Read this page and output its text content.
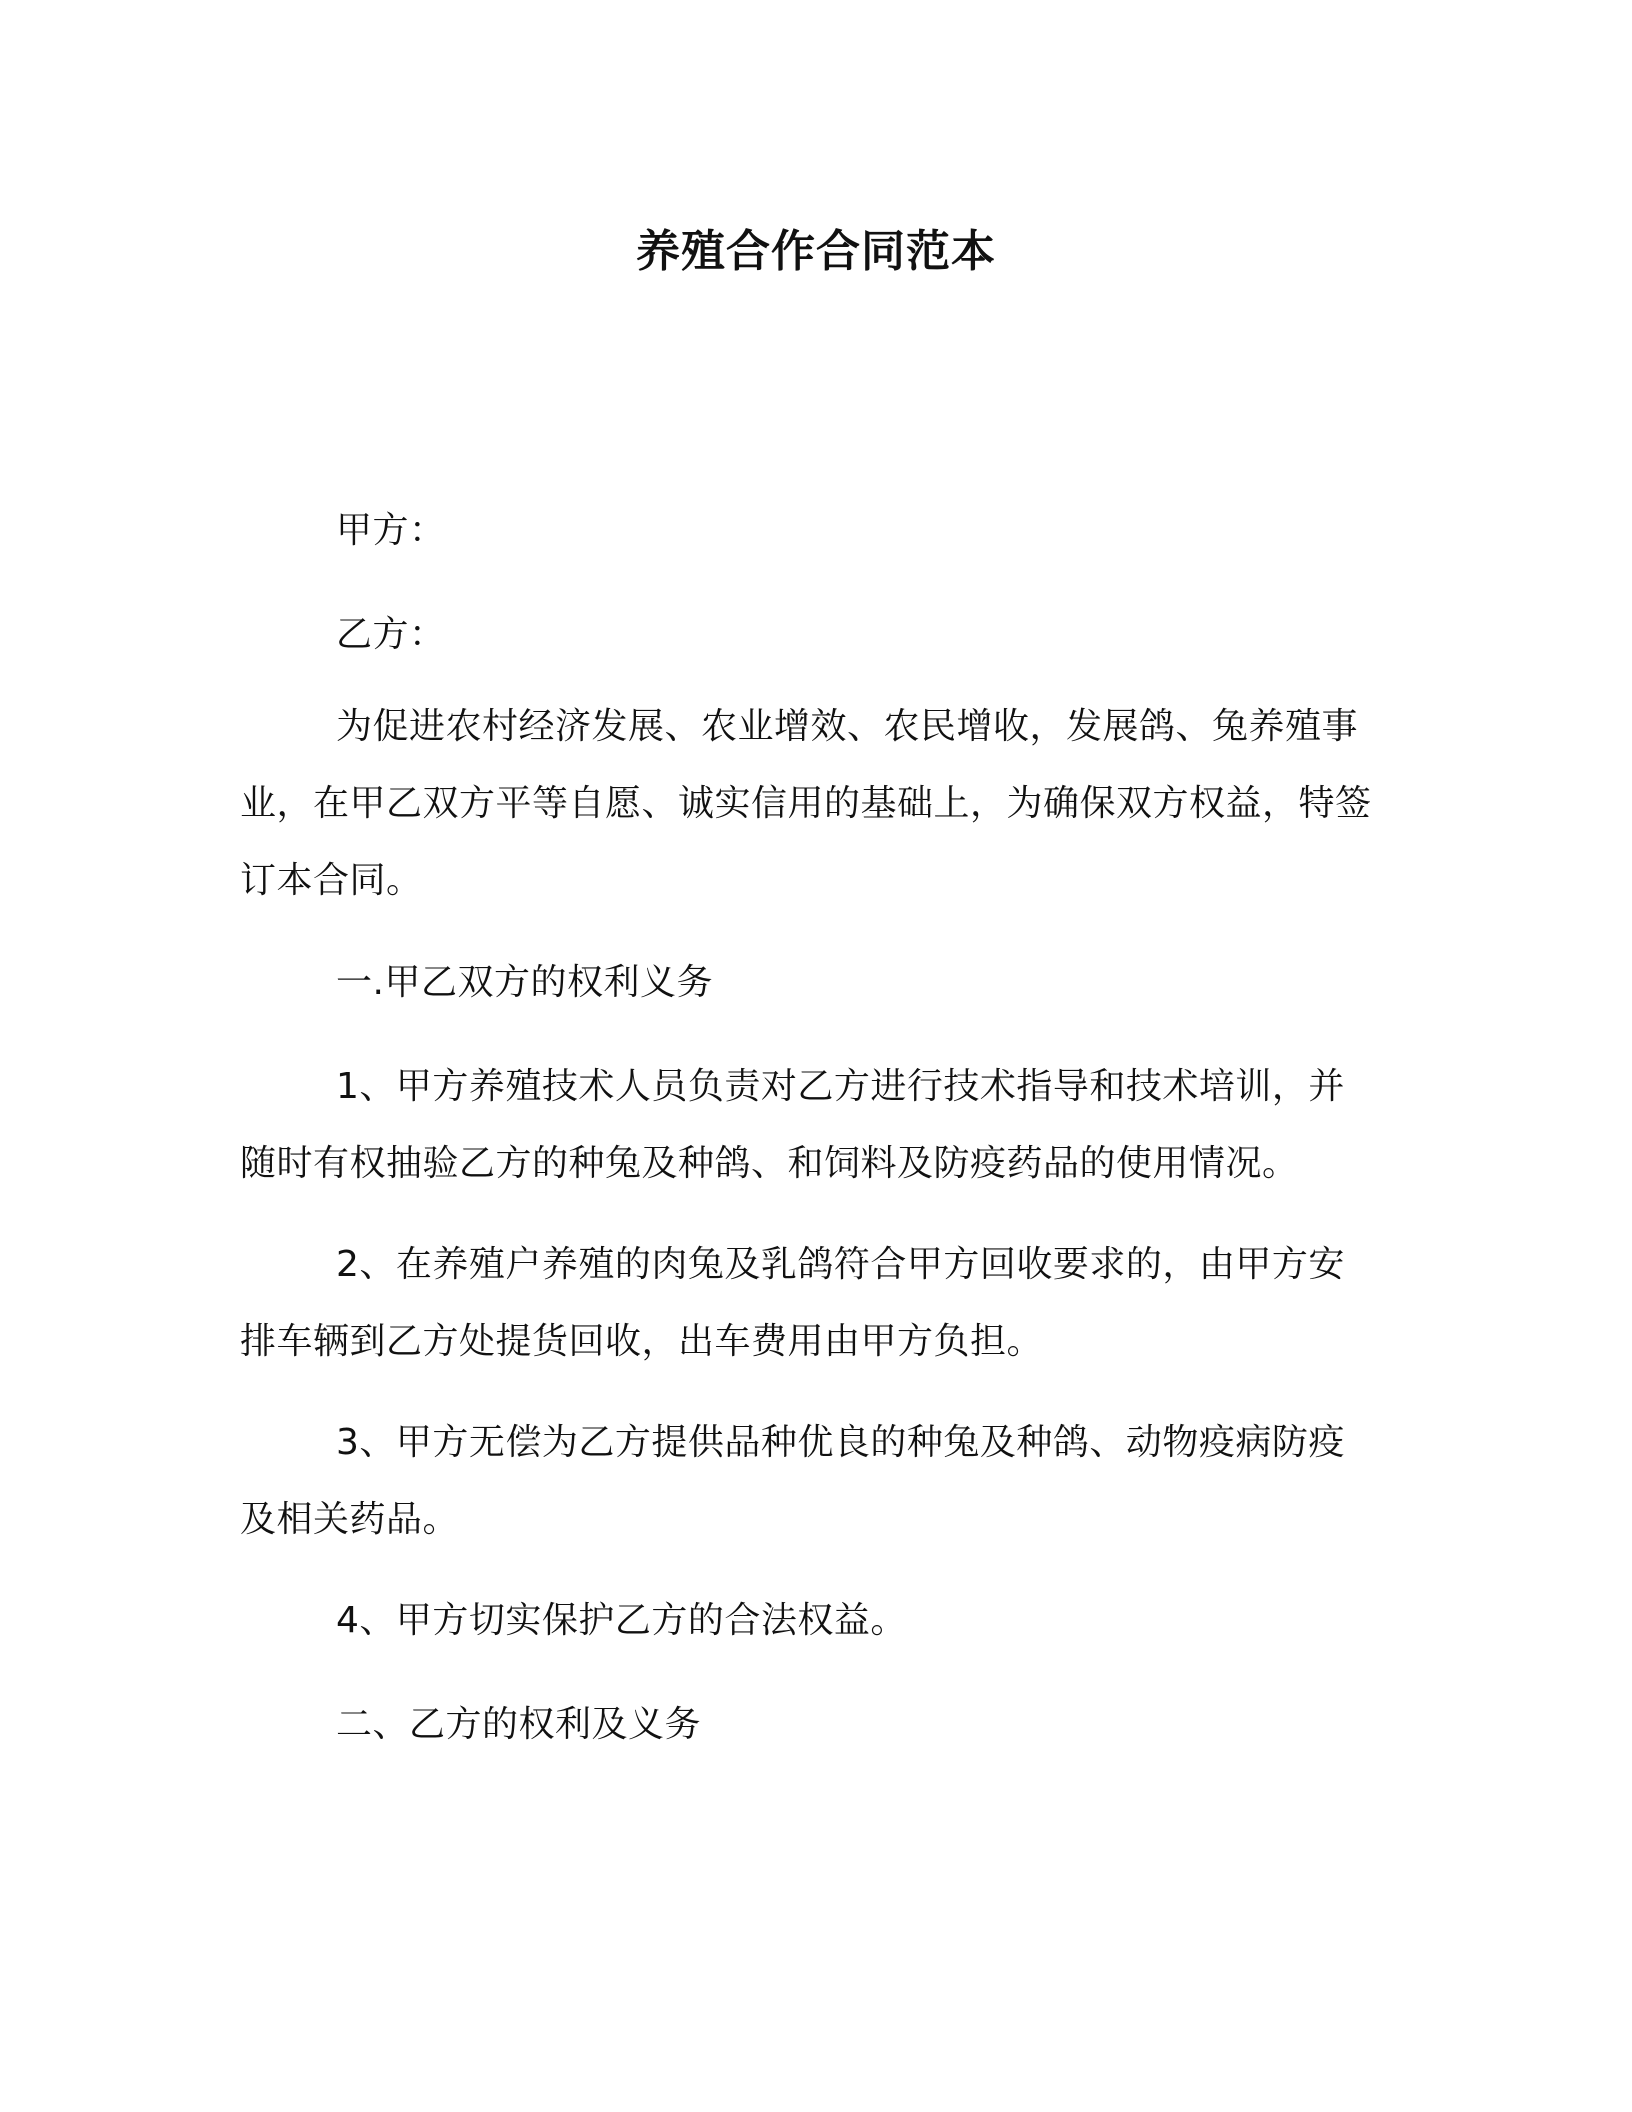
养殖合作合同范本

甲方：

乙方：

为促进农村经济发展、农业增效、农民增收，发展鸽、兔养殖事业，在甲乙双方平等自愿、诚实信用的基础上，为确保双方权益，特签订本合同。

一.甲乙双方的权利义务

1、甲方养殖技术人员负责对乙方进行技术指导和技术培训，并随时有权抽验乙方的种兔及种鸽、和饲料及防疫药品的使用情况。

2、在养殖户养殖的肉兔及乳鸽符合甲方回收要求的，由甲方安排车辆到乙方处提货回收，出车费用由甲方负担。

3、甲方无偿为乙方提供品种优良的种兔及种鸽、动物疫病防疫及相关药品。

4、甲方切实保护乙方的合法权益。

二、乙方的权利及义务
